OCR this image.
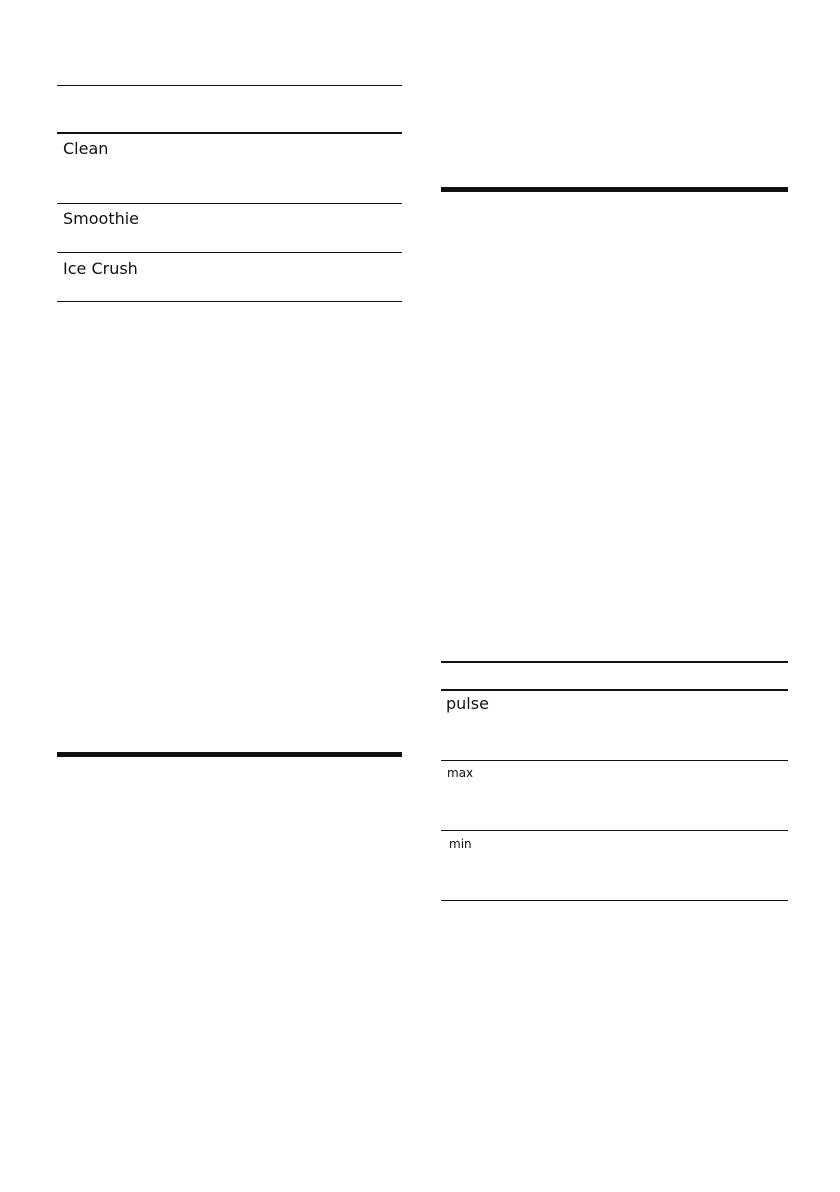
Clean
Smoothie
Ice Crush
pulse
max
min
